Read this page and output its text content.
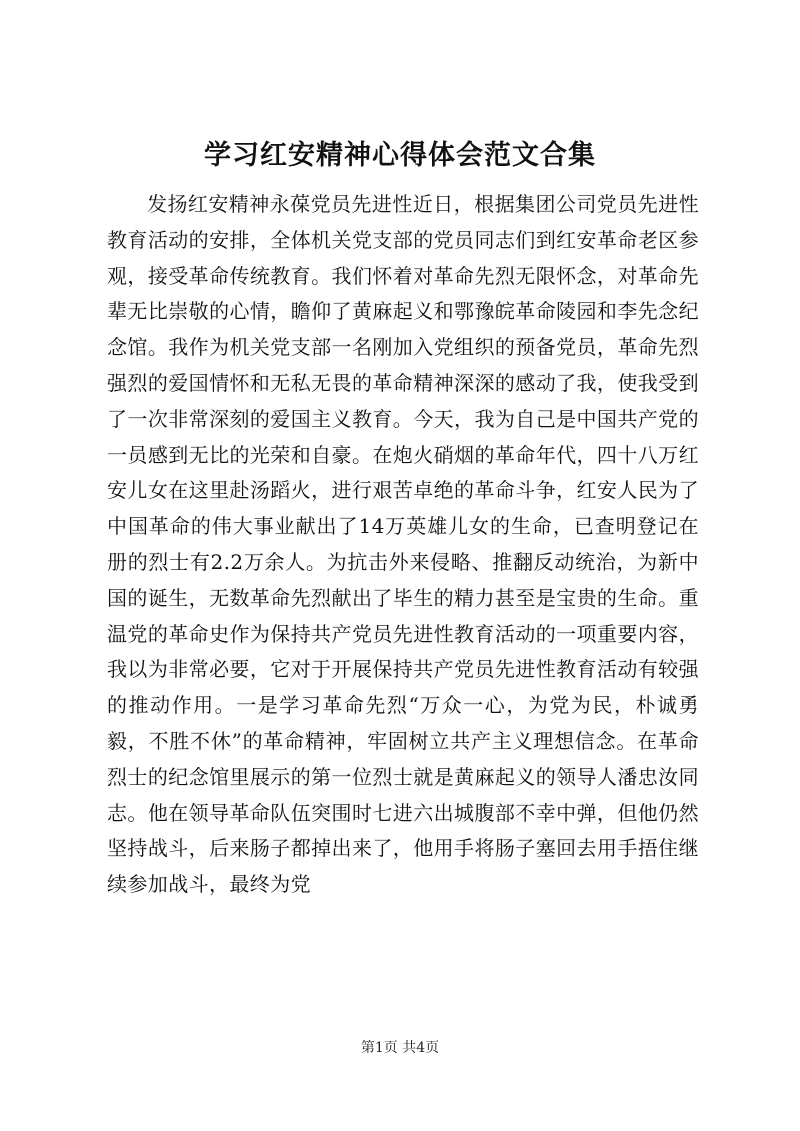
学习红安精神心得体会范文合集

发扬红安精神永葆党员先进性近日，根据集团公司党员先进性教育活动的安排，全体机关党支部的党员同志们到红安革命老区参观，接受革命传统教育。我们怀着对革命先烈无限怀念，对革命先辈无比崇敬的心情，瞻仰了黄麻起义和鄂豫皖革命陵园和李先念纪念馆。我作为机关党支部一名刚加入党组织的预备党员，革命先烈强烈的爱国情怀和无私无畏的革命精神深深的感动了我，使我受到了一次非常深刻的爱国主义教育。今天，我为自己是中国共产党的一员感到无比的光荣和自豪。在炮火硝烟的革命年代，四十八万红安儿女在这里赴汤蹈火，进行艰苦卓绝的革命斗争，红安人民为了中国革命的伟大事业献出了14万英雄儿女的生命，已查明登记在册的烈士有2.2万余人。为抗击外来侵略、推翻反动统治，为新中国的诞生，无数革命先烈献出了毕生的精力甚至是宝贵的生命。重温党的革命史作为保持共产党员先进性教育活动的一项重要内容，我以为非常必要，它对于开展保持共产党员先进性教育活动有较强的推动作用。一是学习革命先烈“万众一心，为党为民，朴诚勇毅，不胜不休”的革命精神，牢固树立共产主义理想信念。在革命烈士的纪念馆里展示的第一位烈士就是黄麻起义的领导人潘忠汝同志。他在领导革命队伍突围时七进六出城腹部不幸中弹，但他仍然坚持战斗，后来肠子都掉出来了，他用手将肠子塞回去用手捂住继续参加战斗，最终为党

第1页 共4页
